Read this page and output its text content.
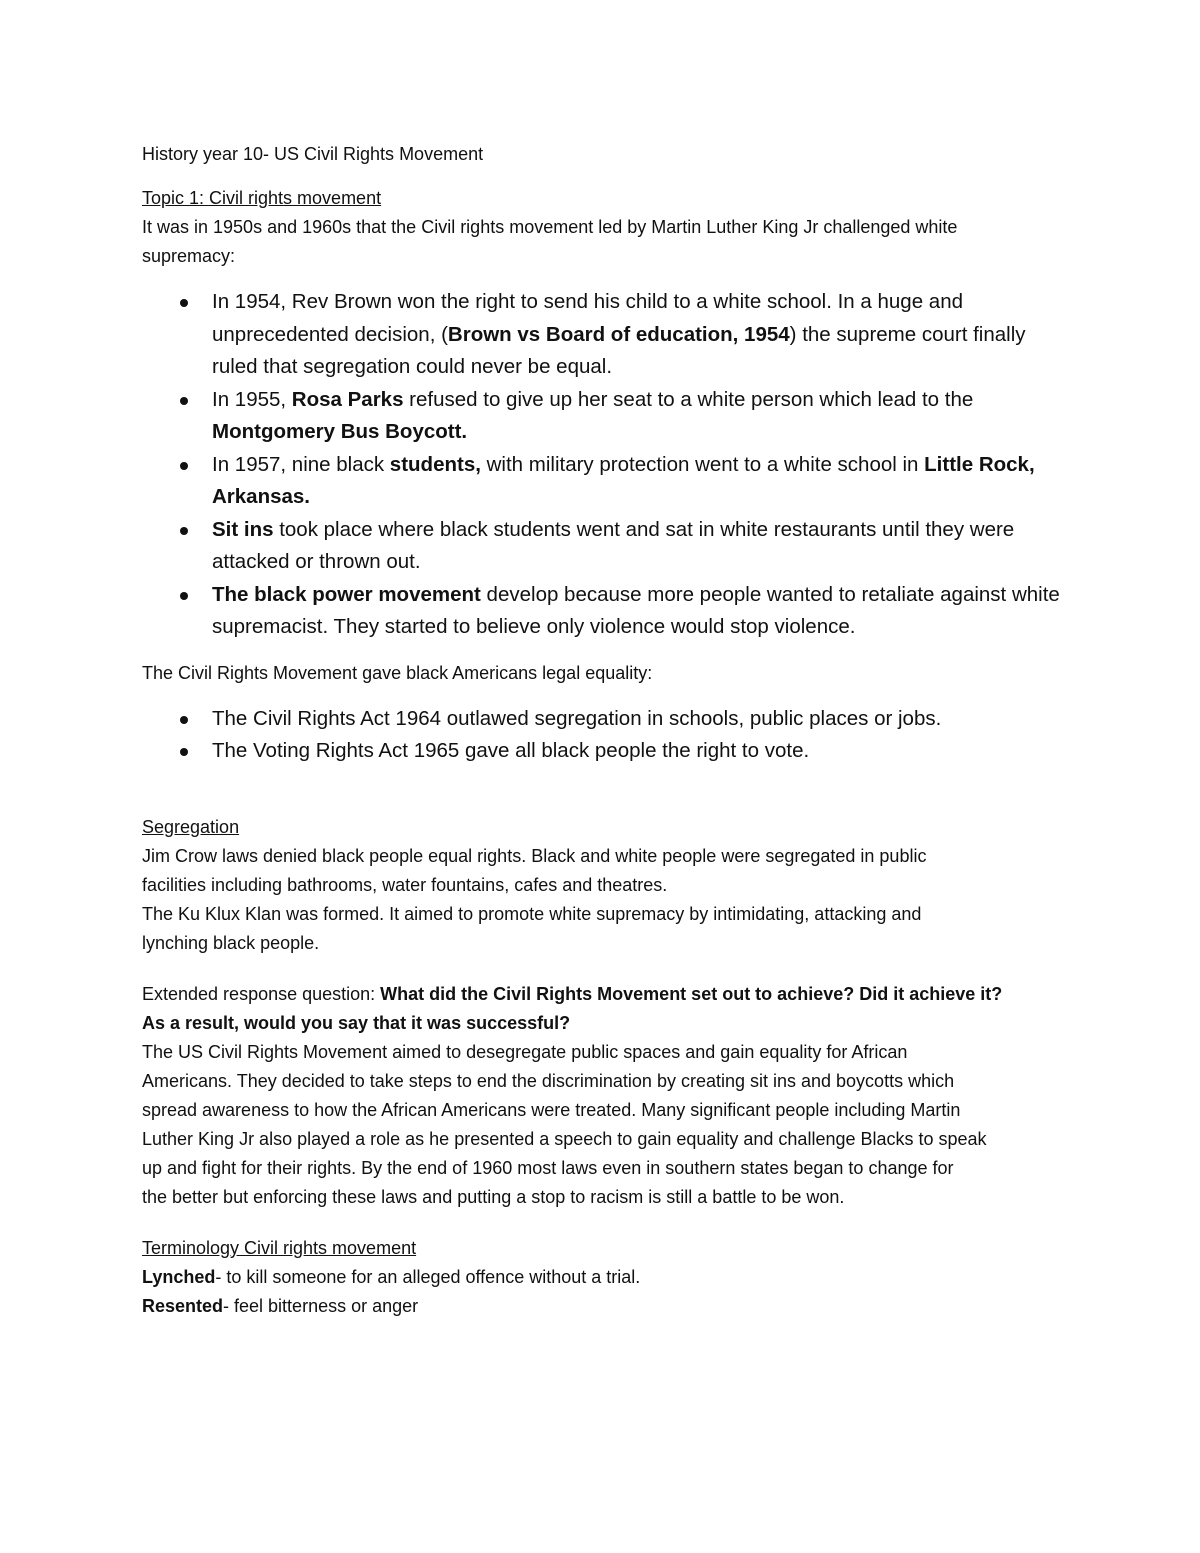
History year 10- US Civil Rights Movement

Topic 1: Civil rights movement

It was in 1950s and 1960s that the Civil rights movement led by Martin Luther King Jr challenged white

supremacy:

In 1954, Rev Brown won the right to send his child to a white school. In a huge and unprecedented decision, (Brown vs Board of education, 1954) the supreme court finally ruled that segregation could never be equal.
In 1955, Rosa Parks refused to give up her seat to a white person which lead to the Montgomery Bus Boycott.
In 1957, nine black students, with military protection went to a white school in Little Rock, Arkansas.
Sit ins took place where black students went and sat in white restaurants until they were attacked or thrown out.
The black power movement develop because more people wanted to retaliate against white supremacist. They started to believe only violence would stop violence.

The Civil Rights Movement gave black Americans legal equality:

The Civil Rights Act 1964 outlawed segregation in schools, public places or jobs.
The Voting Rights Act 1965 gave all black people the right to vote.

Segregation

Jim Crow laws denied black people equal rights. Black and white people were segregated in public

facilities including bathrooms, water fountains, cafes and theatres.

The Ku Klux Klan was formed. It aimed to promote white supremacy by intimidating, attacking and

lynching black people.

Extended response question: What did the Civil Rights Movement set out to achieve? Did it achieve it?

As a result, would you say that it was successful?

The US Civil Rights Movement aimed to desegregate public spaces and gain equality for African

Americans. They decided to take steps to end the discrimination by creating sit ins and boycotts which

spread awareness to how the African Americans were treated. Many significant people including Martin

Luther King Jr also played a role as he presented a speech to gain equality and challenge Blacks to speak

up and fight for their rights. By the end of 1960 most laws even in southern states began to change for

the better but enforcing these laws and putting a stop to racism is still a battle to be won.

Terminology Civil rights movement

Lynched- to kill someone for an alleged offence without a trial.

Resented- feel bitterness or anger
